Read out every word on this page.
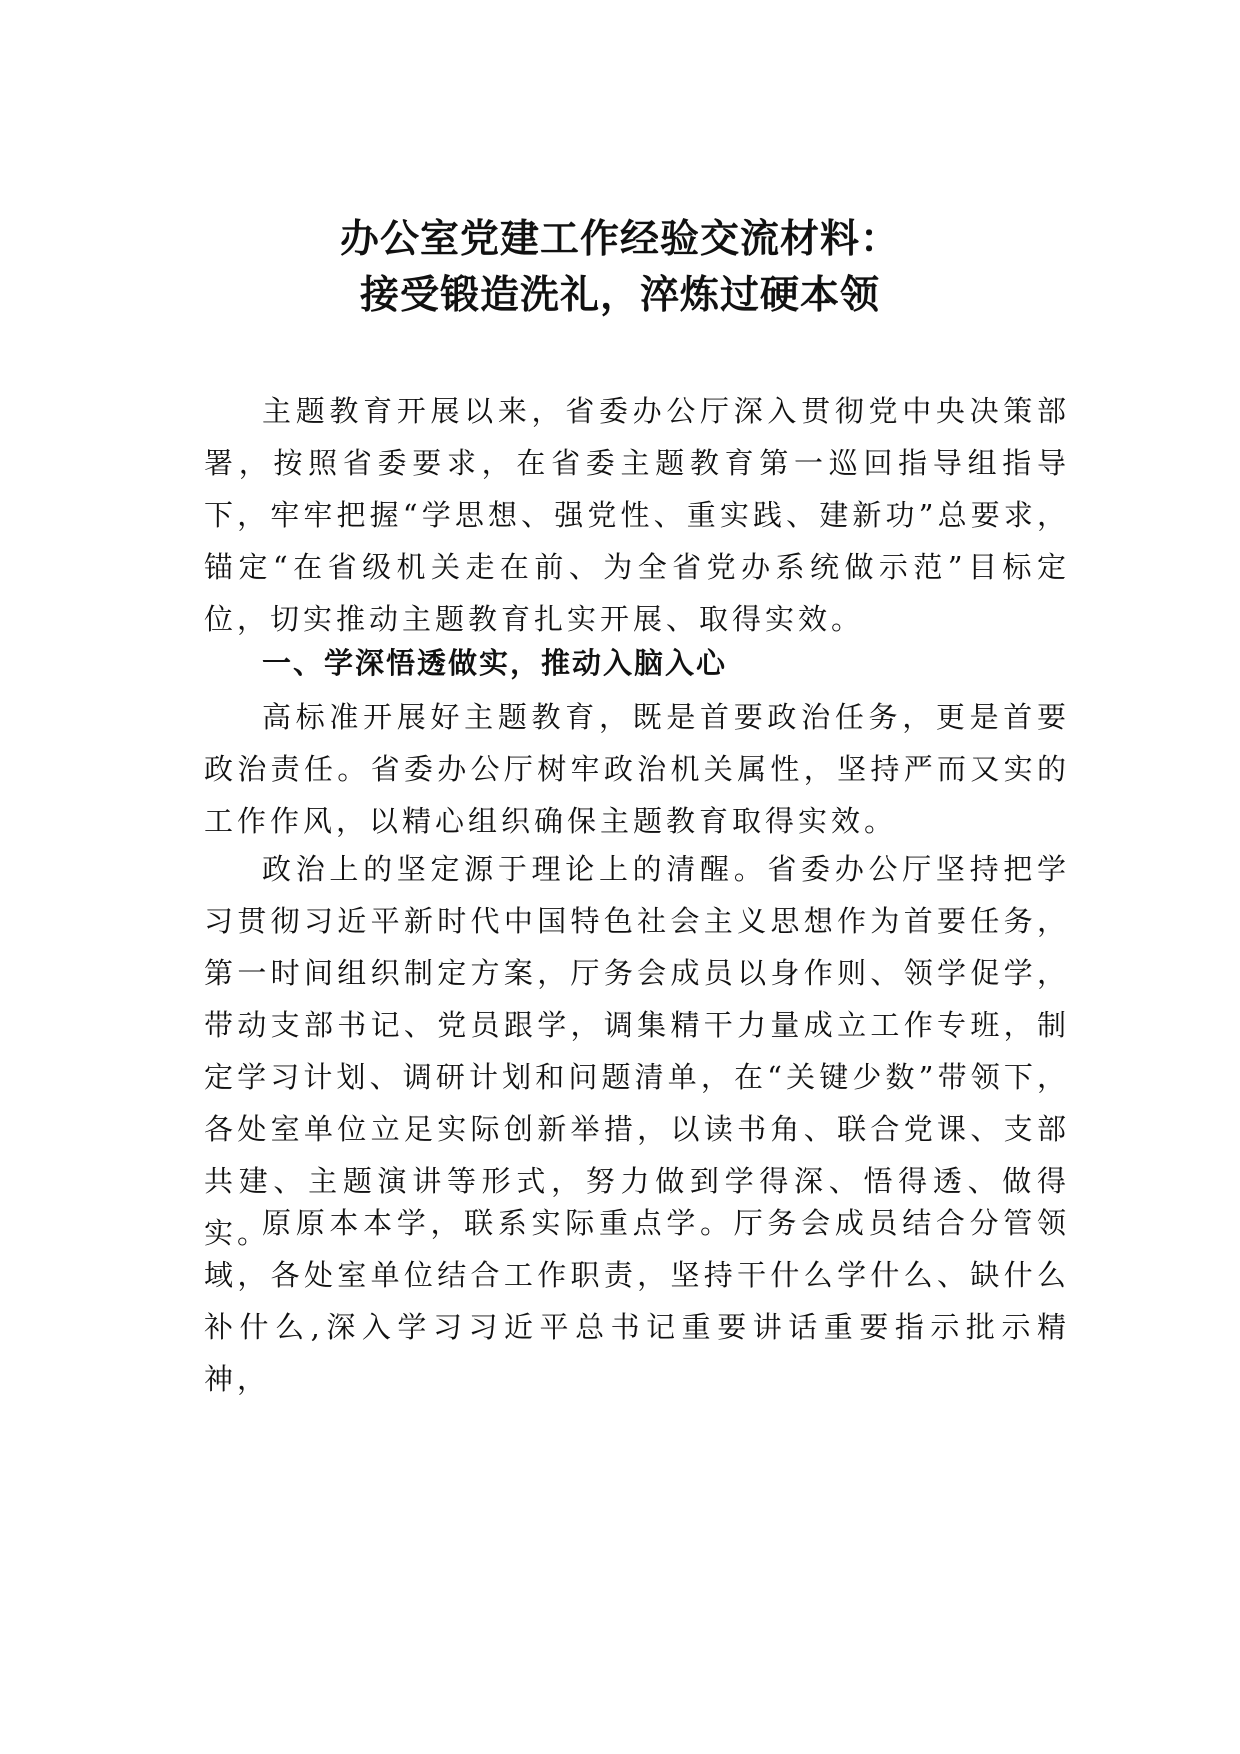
办公室党建工作经验交流材料：
接受锻造洗礼，淬炼过硬本领

主题教育开展以来，省委办公厅深入贯彻党中央决策部署，按照省委要求，在省委主题教育第一巡回指导组指导下，牢牢把握“学思想、强党性、重实践、建新功”总要求，锚定“在省级机关走在前、为全省党办系统做示范”目标定位，切实推动主题教育扎实开展、取得实效。

一、学深悟透做实，推动入脑入心

高标准开展好主题教育，既是首要政治任务，更是首要政治责任。省委办公厅树牢政治机关属性，坚持严而又实的工作作风，以精心组织确保主题教育取得实效。

政治上的坚定源于理论上的清醒。省委办公厅坚持把学习贯彻习近平新时代中国特色社会主义思想作为首要任务，第一时间组织制定方案，厅务会成员以身作则、领学促学，带动支部书记、党员跟学，调集精干力量成立工作专班，制定学习计划、调研计划和问题清单，在“关键少数”带领下，各处室单位立足实际创新举措，以读书角、联合党课、支部共建、主题演讲等形式，努力做到学得深、悟得透、做得实。

原原本本学，联系实际重点学。厅务会成员结合分管领域，各处室单位结合工作职责，坚持干什么学什么、缺什么补什么,深入学习习近平总书记重要讲话重要指示批示精神，
